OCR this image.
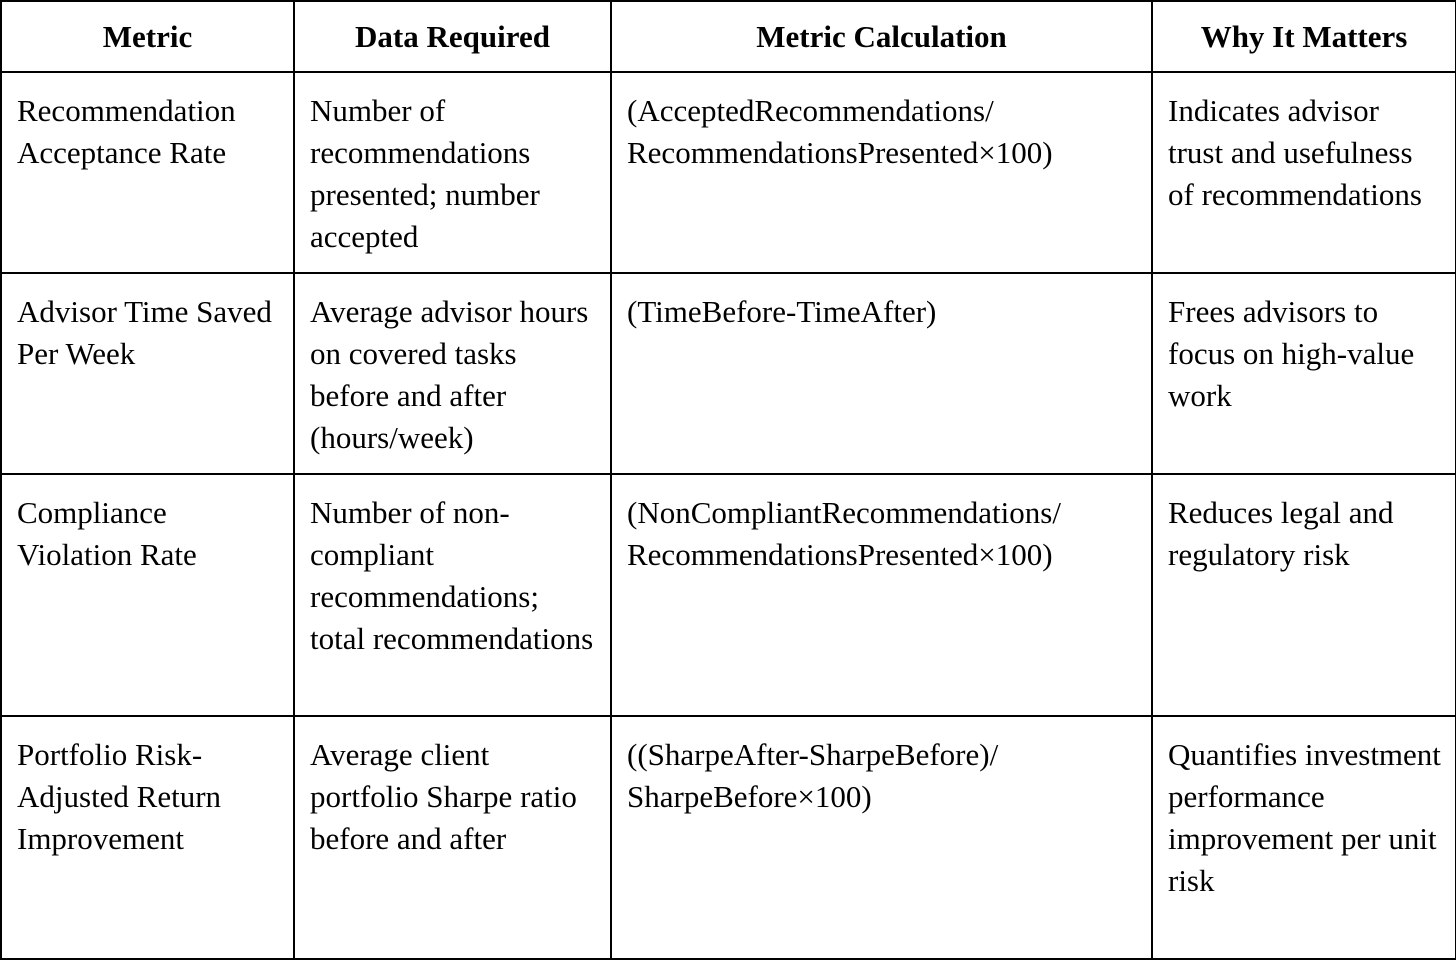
Metric	Data Required	Metric Calculation	Why It Matters
Recommendation Acceptance Rate	Number of recommendations presented; number accepted	(AcceptedRecommendations/ RecommendationsPresented×100)	Indicates advisor trust and usefulness of recommendations
Advisor Time Saved Per Week	Average advisor hours on covered tasks before and after (hours/week)	(TimeBefore-TimeAfter)	Frees advisors to focus on high-value work
Compliance Violation Rate	Number of non-compliant recommendations; total recommendations	(NonCompliantRecommendations/ RecommendationsPresented×100)	Reduces legal and regulatory risk
Portfolio Risk-Adjusted Return Improvement	Average client portfolio Sharpe ratio before and after	((SharpeAfter-SharpeBefore)/ SharpeBefore×100)	Quantifies investment performance improvement per unit risk
